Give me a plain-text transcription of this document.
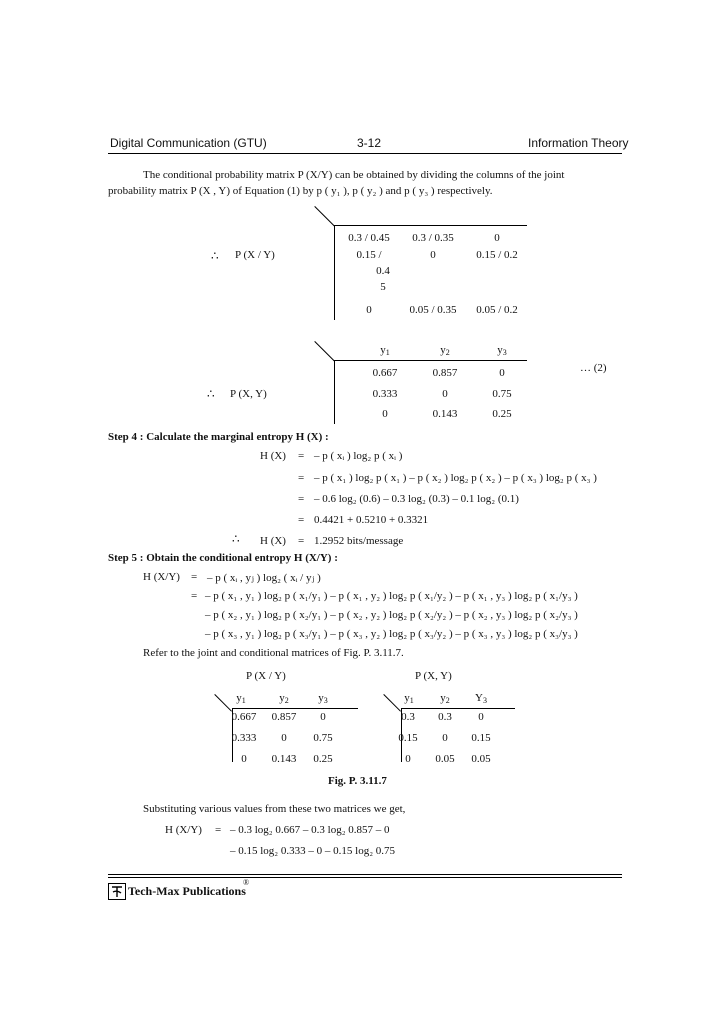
Digital Communication (GTU)	3-12	Information Theory
The conditional probability matrix P (X/Y) can be obtained by dividing the columns of the joint
probability matrix P (X , Y) of Equation (1) by p ( y₁ ), p ( y₂ ) and p ( y₃ ) respectively.
∴ P (X / Y)
0.3 / 0.45	0.3 / 0.35	0
0.15 /	0	0.15 / 0.2
0.4
5
0	0.05 / 0.35	0.05 / 0.2
$y_1$	$y_2$	$y_3$
0.667	0.857	0	… (2)
∴ P (X, Y)	0.333	0	0.75
0	0.143	0.25
Step 4 : Calculate the marginal entropy H (X) :
H (X) = – p ( xᵢ ) log₂ p ( xᵢ )
= – p ( x₁ ) log₂ p ( x₁ ) – p ( x₂ ) log₂ p ( x₂ ) – p ( x₃ ) log₂ p ( x₃ )
= – 0.6 log₂ (0.6) – 0.3 log₂ (0.3) – 0.1 log₂ (0.1)
= 0.4421 + 0.5210 + 0.3321
∴ H (X) = 1.2952 bits/message
Step 5 : Obtain the conditional entropy H (X/Y) :
H (X/Y) = – p ( xᵢ , yⱼ ) log₂ ( xᵢ / yⱼ )
= – p ( x₁ , y₁ ) log₂ p ( x₁/y₁ ) – p ( x₁ , y₂ ) log₂ p ( x₁/y₂ ) – p ( x₁ , y₃ ) log₂ p ( x₁/y₃ )
– p ( x₂ , y₁ ) log₂ p ( x₂/y₁ ) – p ( x₂ , y₂ ) log₂ p ( x₂/y₂ ) – p ( x₂ , y₃ ) log₂ p ( x₂/y₃ )
– p ( x₃ , y₁ ) log₂ p ( x₃/y₁ ) – p ( x₃ , y₂ ) log₂ p ( x₃/y₂ ) – p ( x₃ , y₃ ) log₂ p ( x₃/y₃ )
Refer to the joint and conditional matrices of Fig. P. 3.11.7.
P (X / Y)	P (X, Y)
$y_1$	$y_2$	$y_3$
0.667	0.857	0
0.333	0	0.75
0	0.143	0.25
$y_1$	$y_2$	$Y_3$
0.3	0.3	0
0.15	0	0.15
0	0.05	0.05
Fig. P. 3.11.7
Substituting various values from these two matrices we get,
H (X/Y) = – 0.3 log₂ 0.667 – 0.3 log₂ 0.857 – 0
– 0.15 log₂ 0.333 – 0 – 0.15 log₂ 0.75
Tech-Max Publications
®
